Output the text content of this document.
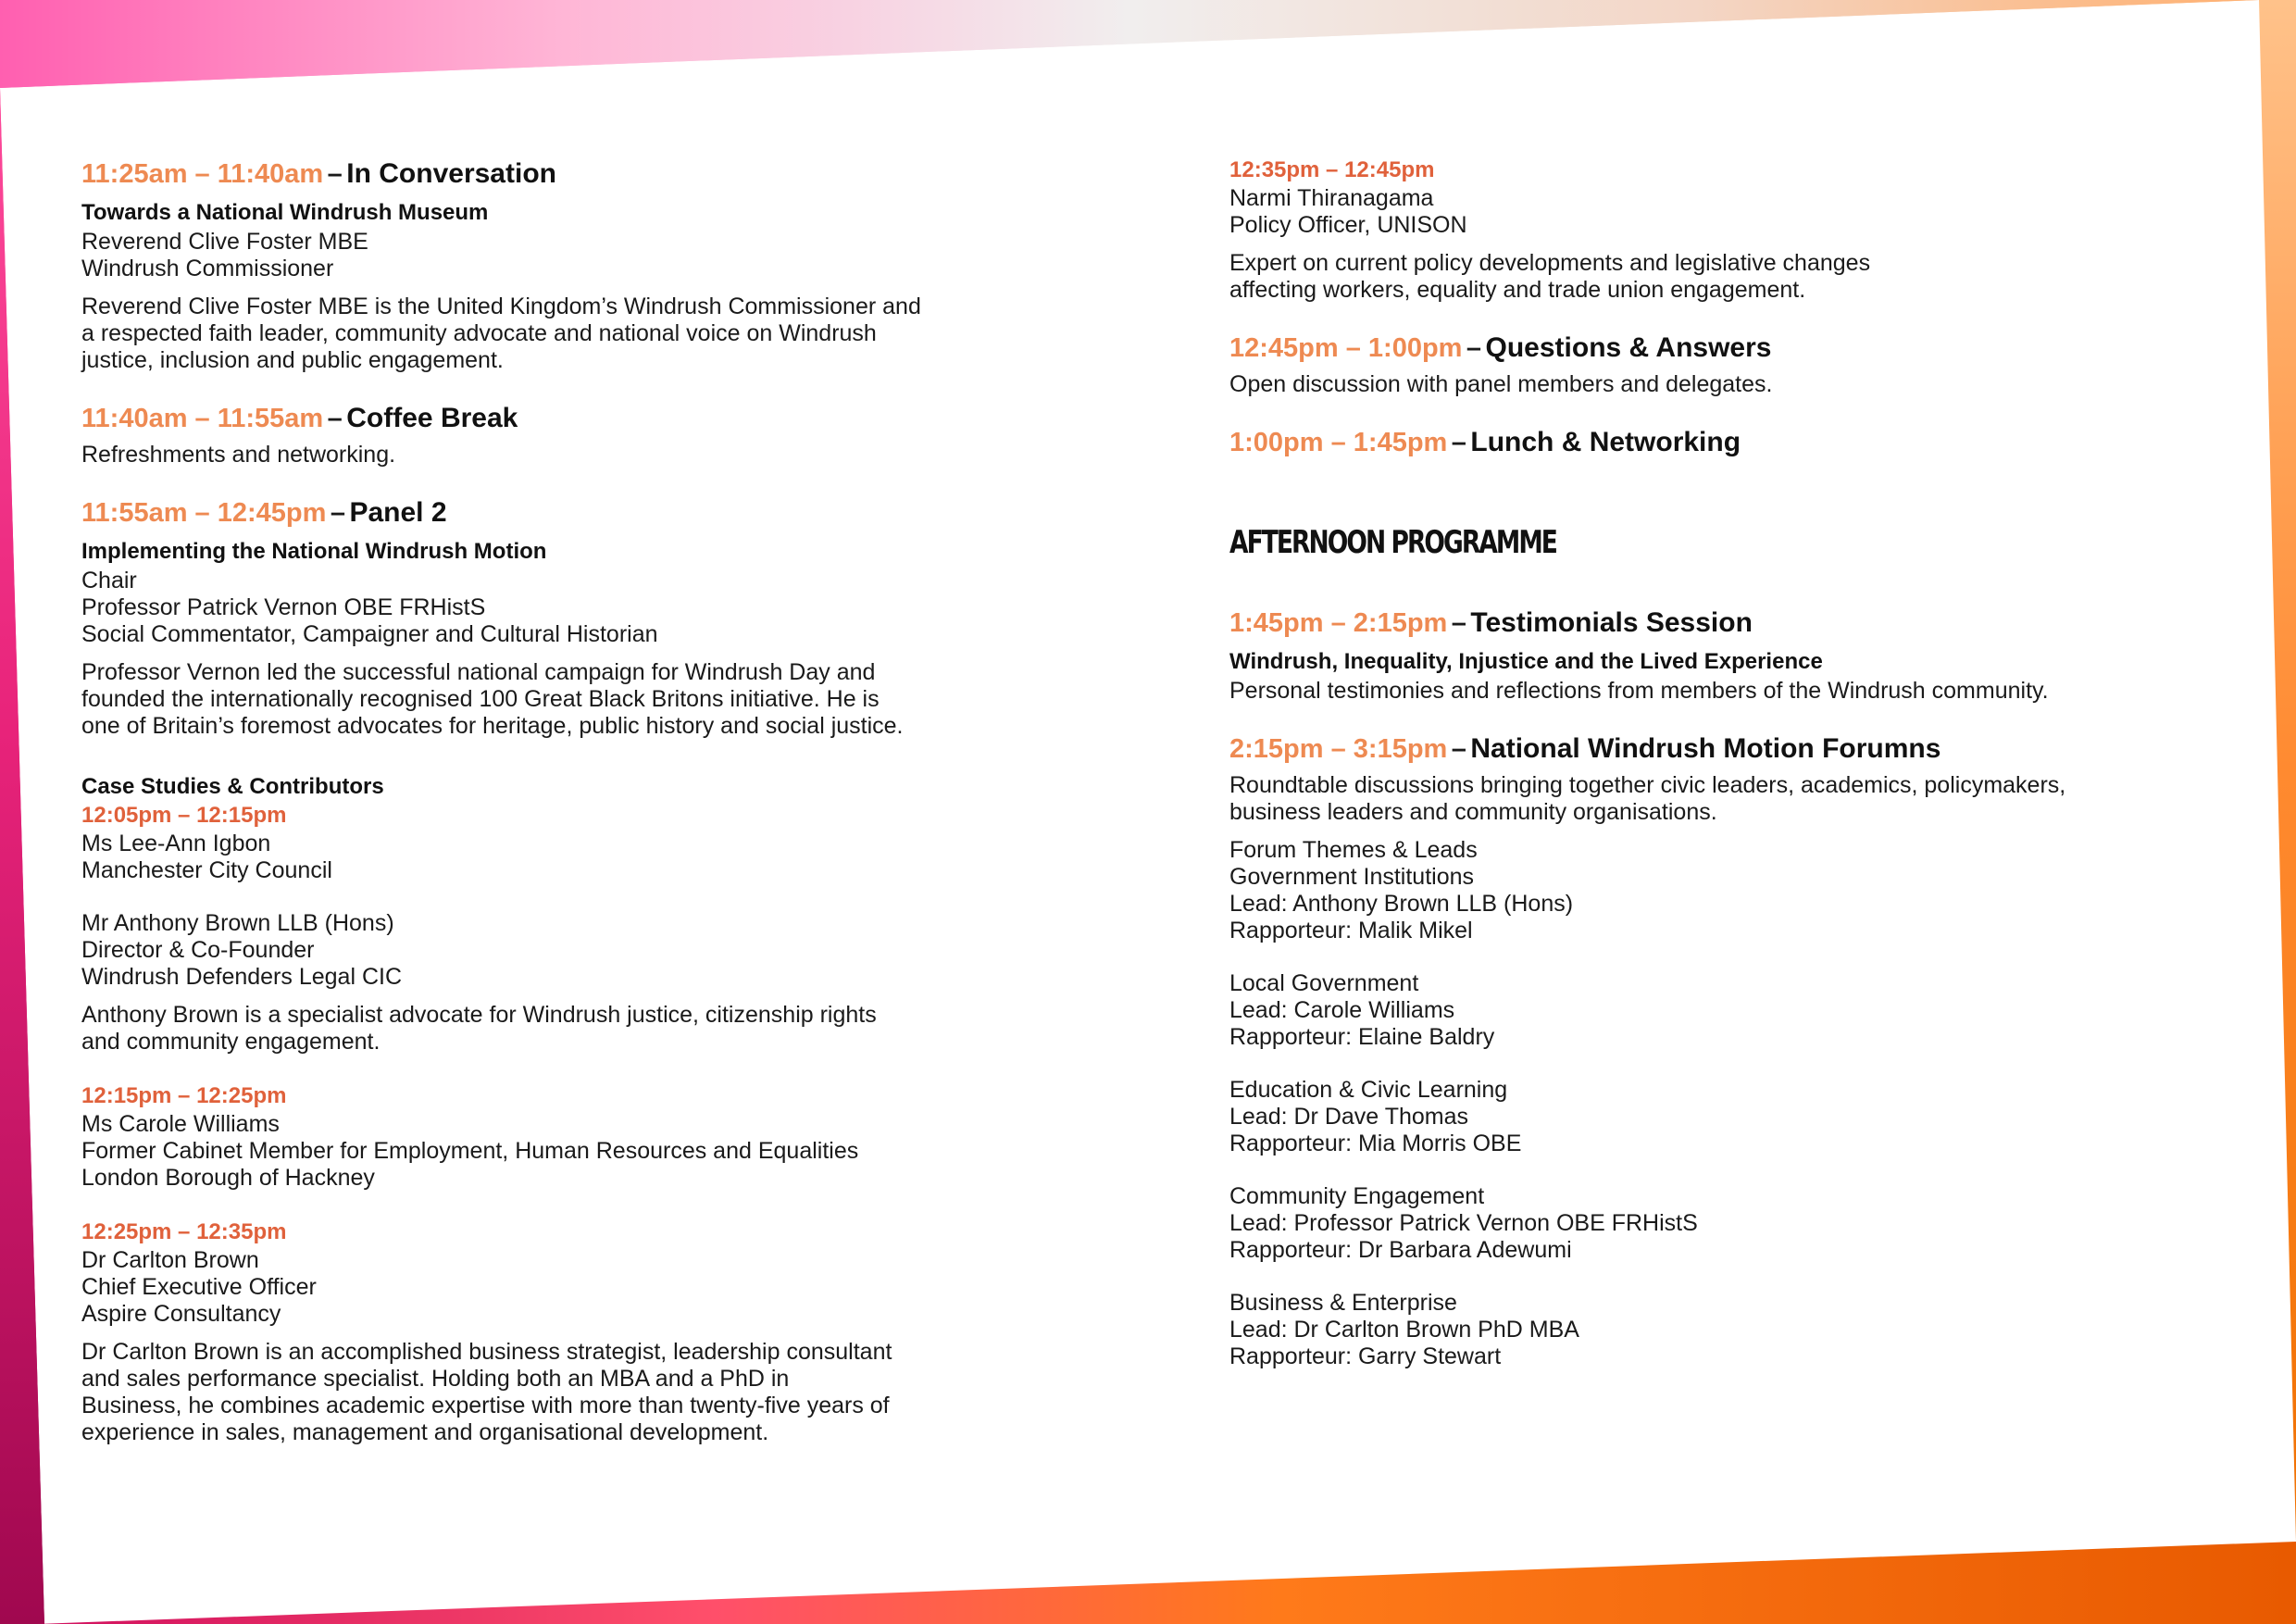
11:25am – 11:40am – In Conversation

Towards a National Windrush Museum

Reverend Clive Foster MBE

Windrush Commissioner

Reverend Clive Foster MBE is the United Kingdom’s Windrush Commissioner and

a respected faith leader, community advocate and national voice on Windrush

justice, inclusion and public engagement.

11:40am – 11:55am – Coffee Break

Refreshments and networking.

11:55am – 12:45pm – Panel 2

Implementing the National Windrush Motion

Chair

Professor Patrick Vernon OBE FRHistS

Social Commentator, Campaigner and Cultural Historian

Professor Vernon led the successful national campaign for Windrush Day and

founded the internationally recognised 100 Great Black Britons initiative. He is

one of Britain’s foremost advocates for heritage, public history and social justice.

Case Studies & Contributors

12:05pm – 12:15pm

Ms Lee-Ann Igbon

Manchester City Council

Mr Anthony Brown LLB (Hons)

Director & Co-Founder

Windrush Defenders Legal CIC

Anthony Brown is a specialist advocate for Windrush justice, citizenship rights

and community engagement.

12:15pm – 12:25pm

Ms Carole Williams

Former Cabinet Member for Employment, Human Resources and Equalities

London Borough of Hackney

12:25pm – 12:35pm

Dr Carlton Brown

Chief Executive Officer

Aspire Consultancy

Dr Carlton Brown is an accomplished business strategist, leadership consultant

and sales performance specialist. Holding both an MBA and a PhD in

Business, he combines academic expertise with more than twenty-five years of

experience in sales, management and organisational development.

12:35pm – 12:45pm

Narmi Thiranagama

Policy Officer, UNISON

Expert on current policy developments and legislative changes

affecting workers, equality and trade union engagement.

12:45pm – 1:00pm – Questions & Answers

Open discussion with panel members and delegates.

1:00pm – 1:45pm – Lunch & Networking

AFTERNOON PROGRAMME

1:45pm – 2:15pm – Testimonials Session

Windrush, Inequality, Injustice and the Lived Experience

Personal testimonies and reflections from members of the Windrush community.

2:15pm – 3:15pm – National Windrush Motion Forumns

Roundtable discussions bringing together civic leaders, academics, policymakers,

business leaders and community organisations.

Forum Themes & Leads

Government Institutions

Lead: Anthony Brown LLB (Hons)

Rapporteur: Malik Mikel

Local Government

Lead: Carole Williams

Rapporteur: Elaine Baldry

Education & Civic Learning

Lead: Dr Dave Thomas

Rapporteur: Mia Morris OBE

Community Engagement

Lead: Professor Patrick Vernon OBE FRHistS

Rapporteur: Dr Barbara Adewumi

Business & Enterprise

Lead: Dr Carlton Brown PhD MBA

Rapporteur: Garry Stewart
